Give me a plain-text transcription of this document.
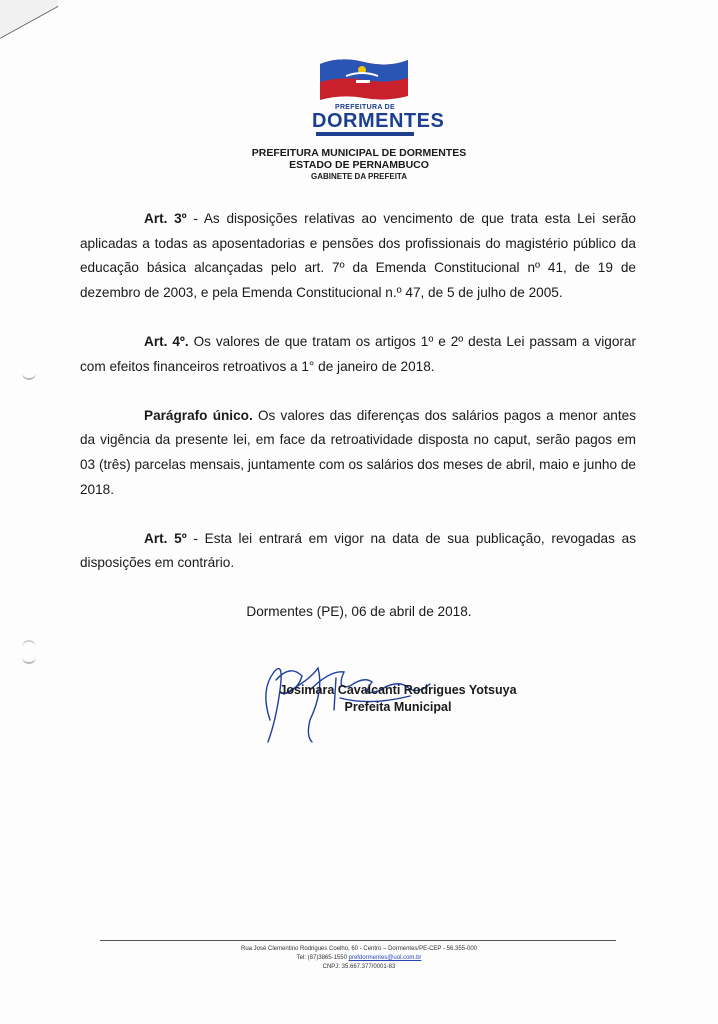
PREFEITURA DE
DORMENTES
PREFEITURA MUNICIPAL DE DORMENTES
ESTADO DE PERNAMBUCO
GABINETE DA PREFEITA

Art. 3º - As disposições relativas ao vencimento de que trata esta Lei serão aplicadas a todas as aposentadorias e pensões dos profissionais do magistério público da educação básica alcançadas pelo art. 7º da Emenda Constitucional nº 41, de 19 de dezembro de 2003, e pela Emenda Constitucional n.º 47, de 5 de julho de 2005.

Art. 4º. Os valores de que tratam os artigos 1º e 2º desta Lei passam a vigorar com efeitos financeiros retroativos a 1° de janeiro de 2018.

Parágrafo único. Os valores das diferenças dos salários pagos a menor antes da vigência da presente lei, em face da retroatividade disposta no caput, serão pagos em 03 (três) parcelas mensais, juntamente com os salários dos meses de abril, maio e junho de 2018.

Art. 5º - Esta lei entrará em vigor na data de sua publicação, revogadas as disposições em contrário.

Dormentes (PE), 06 de abril de 2018.
Josimara Cavalcanti Rodrigues Yotsuya
Prefeita Municipal
Rua José Clementino Rodrigues Coelho, 60 - Centro – Dormentes/PE-CEP - 56.355-000
Tel: (87)3865-1550 prefdormentes@uol.com.br
CNPJ: 35.667.377/0001-83
